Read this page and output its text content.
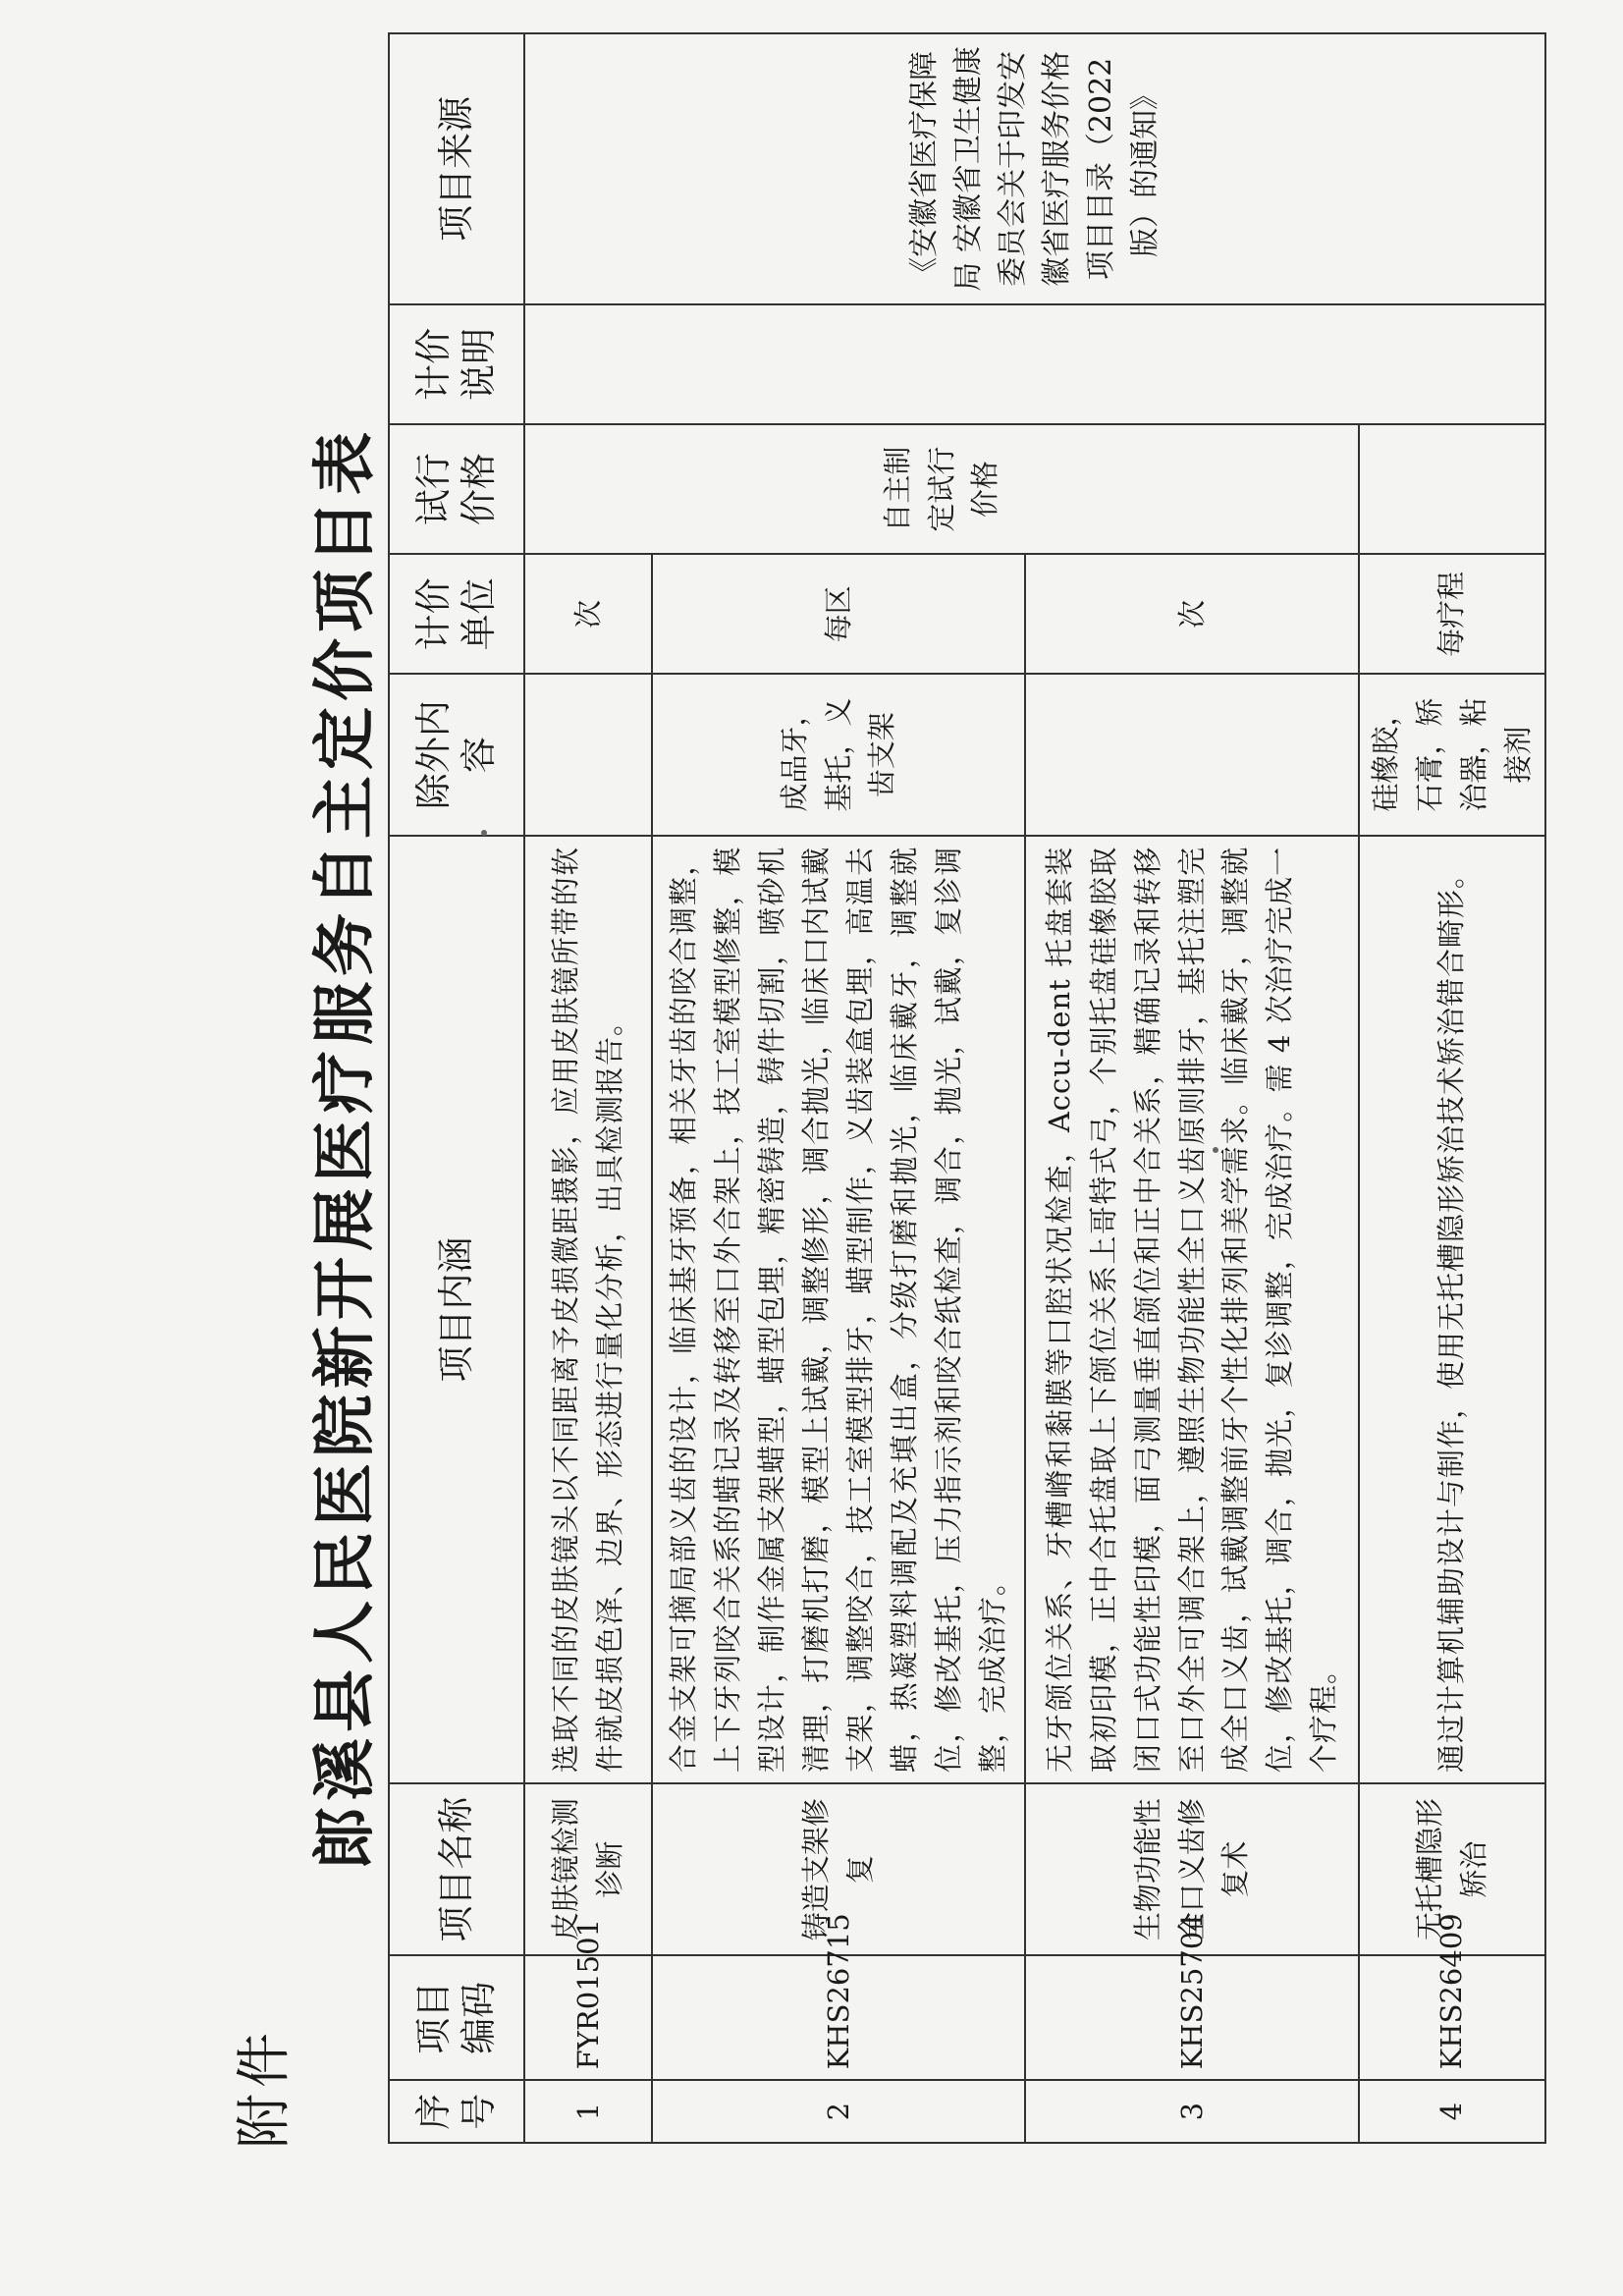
附件
郎溪县人民医院新开展医疗服务自主定价项目表
序号	项目编码	项目名称	项目内涵	除外内容	计价单位	试行价格	计价说明	项目来源
1	FYR01501	皮肤镜检测诊断	选取不同的皮肤镜头以不同距离予皮损微距摄影，应用皮肤镜所带的软件就皮损色泽、边界、形态进行量化分析，出具检测报告。		次	自主制定试行价格		《安徽省医疗保障局 安徽省卫生健康委员会关于印发安徽省医疗服务价格项目目录（2022 版）的通知》
2	KHS26715	铸造支架修复	合金支架可摘局部义齿的设计，临床基牙预备，相关牙齿的咬合调整，上下牙列咬合关系的蜡记录及转移至口外合架上，技工室模型修整，模型设计，制作金属支架蜡型，蜡型包埋，精密铸造，铸件切割，喷砂机清理，打磨机打磨，模型上试戴，调整修形，调合抛光，临床口内试戴支架，调整咬合，技工室模型排牙，蜡型制作，义齿装盒包埋，高温去蜡，热凝塑料调配及充填出盒，分级打磨和抛光，临床戴牙，调整就位，修改基托，压力指示剂和咬合纸检查，调合，抛光，试戴，复诊调整，完成治疗。	成品牙，基托，义齿支架	每区			
3	KHS25704	生物功能性全口义齿修复术	无牙颌位关系、牙槽嵴和黏膜等口腔状况检查，Accu-dent 托盘套装取初印模，正中合托盘取上下颌位关系上哥特式弓，个别托盘硅橡胶取闭口式功能性印模，面弓测量垂直颌位和正中合关系，精确记录和转移至口外全可调合架上，遵照生物功能性全口义齿原则排牙，基托注塑完成全口义齿，试戴调整前牙个性化排列和美学需求。临床戴牙，调整就位，修改基托，调合，抛光，复诊调整，完成治疗。需 4 次治疗完成一个疗程。		次			
4	KHS26409	无托槽隐形矫治	通过计算机辅助设计与制作，使用无托槽隐形矫治技术矫治错合畸形。	硅橡胶，石膏，矫治器，粘接剂	每疗程			
